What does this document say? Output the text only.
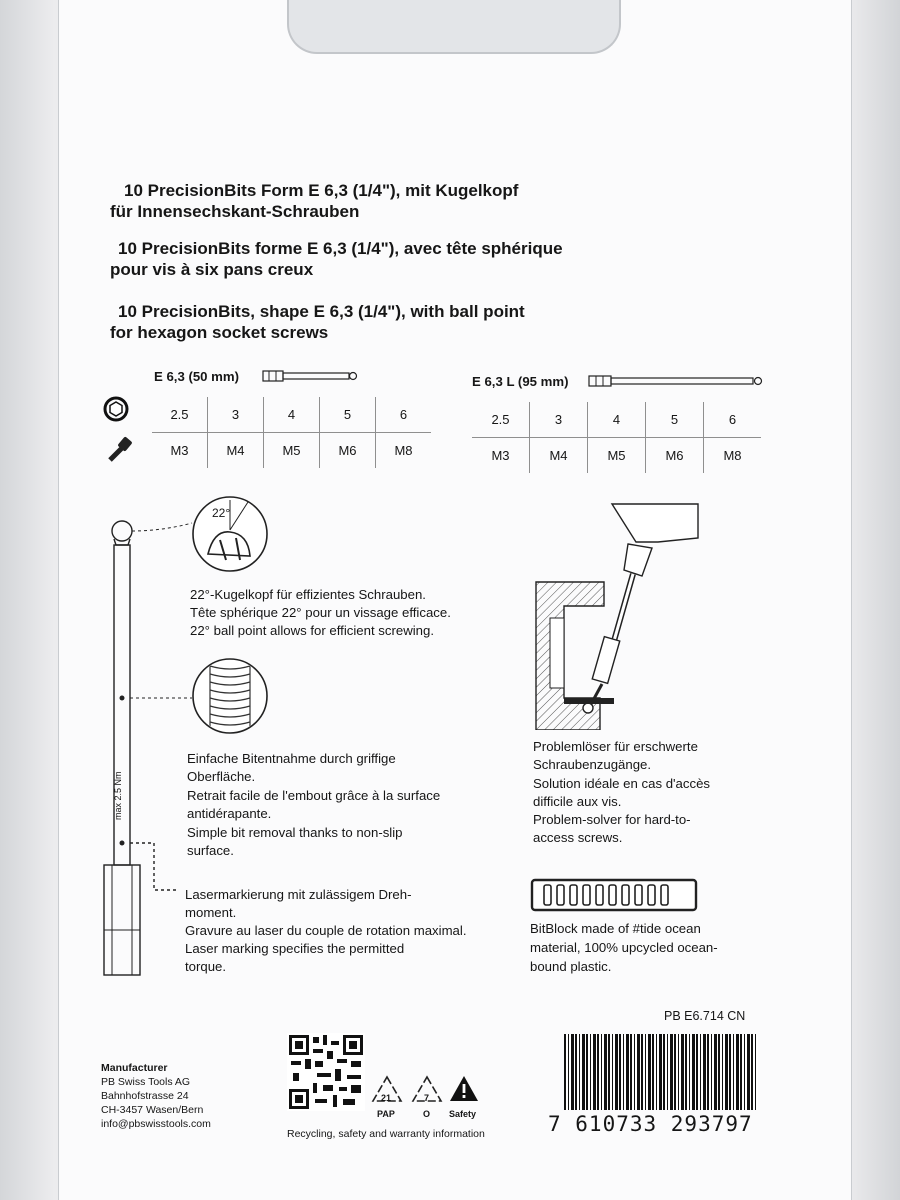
10 PrecisionBits Form E 6,3 (1/4"), mit Kugelkopf
für Innensechskant-Schrauben
10 PrecisionBits forme E 6,3 (1/4"), avec tête sphérique
pour vis à six pans creux
10 PrecisionBits, shape E 6,3 (1/4"), with ball point
for hexagon socket screws
E 6,3 (50 mm)
2.5	3	4	5	6
M3	M4	M5	M6	M8
E 6,3 L (95 mm)
2.5	3	4	5	6
M3	M4	M5	M6	M8
max 2.5 Nm
22°
22°-Kugelkopf für effizientes Schrauben.
Tête sphérique 22° pour un vissage efficace.
22° ball point allows for efficient screwing.
Einfache Bitentnahme durch griffige
Oberfläche.
Retrait facile de l'embout grâce à la surface
antidérapante.
Simple bit removal thanks to non-slip
surface.
Lasermarkierung mit zulässigem Dreh-
moment.
Gravure au laser du couple de rotation maximal.
Laser marking specifies the permitted
torque.
Problemlöser für erschwerte
Schraubenzugänge.
Solution idéale en cas d'accès
difficile aux vis.
Problem-solver for hard-to-
access screws.
BitBlock made of #tide ocean
material, 100% upcycled ocean-
bound plastic.
PB E6.714 CN
Manufacturer
PB Swiss Tools AG
Bahnhofstrasse 24
CH-3457 Wasen/Bern
info@pbswisstools.com
21
PAP
7
O Safety
Recycling, safety and warranty information	7 610733 293797
